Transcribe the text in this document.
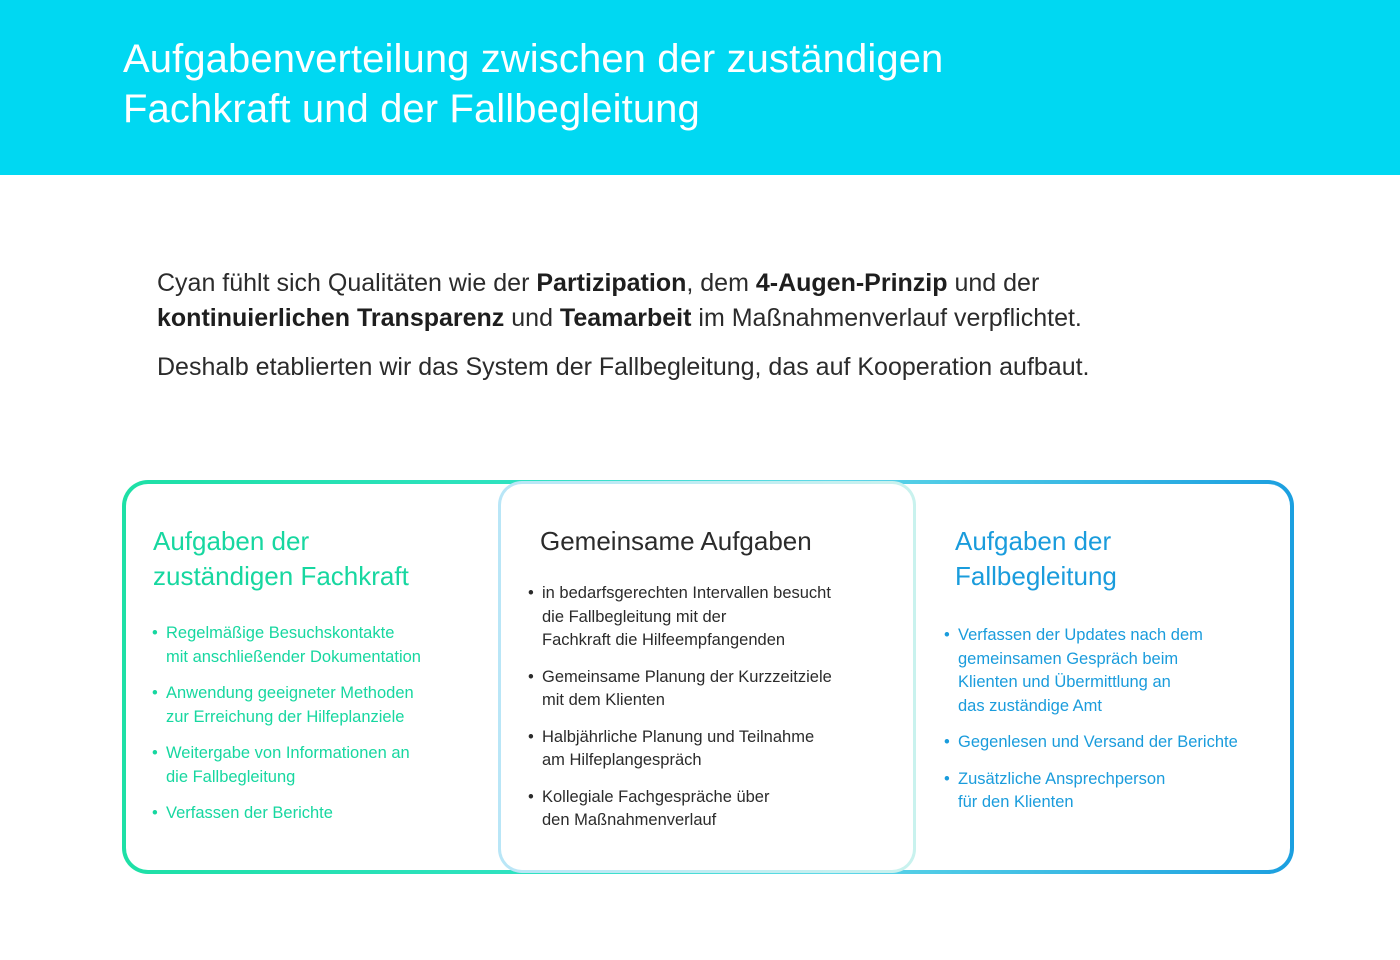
Aufgabenverteilung zwischen der zuständigen
Fachkraft und der Fallbegleitung

Cyan fühlt sich Qualitäten wie der Partizipation, dem 4-Augen-Prinzip und der
kontinuierlichen Transparenz und Teamarbeit im Maßnahmenverlauf verpflichtet.

Deshalb etablierten wir das System der Fallbegleitung, das auf Kooperation aufbaut.

Aufgaben der
zuständigen Fachkraft
• Regelmäßige Besuchskontakte
mit anschließender Dokumentation
• Anwendung geeigneter Methoden
zur Erreichung der Hilfeplanziele
• Weitergabe von Informationen an
die Fallbegleitung
• Verfassen der Berichte
Gemeinsame Aufgaben
• in bedarfsgerechten Intervallen besucht
die Fallbegleitung mit der
Fachkraft die Hilfeempfangenden
• Gemeinsame Planung der Kurzzeitziele
mit dem Klienten
• Halbjährliche Planung und Teilnahme
am Hilfeplangespräch
• Kollegiale Fachgespräche über
den Maßnahmenverlauf
Aufgaben der
Fallbegleitung
• Verfassen der Updates nach dem
gemeinsamen Gespräch beim
Klienten und Übermittlung an
das zuständige Amt
• Gegenlesen und Versand der Berichte
• Zusätzliche Ansprechperson
für den Klienten
